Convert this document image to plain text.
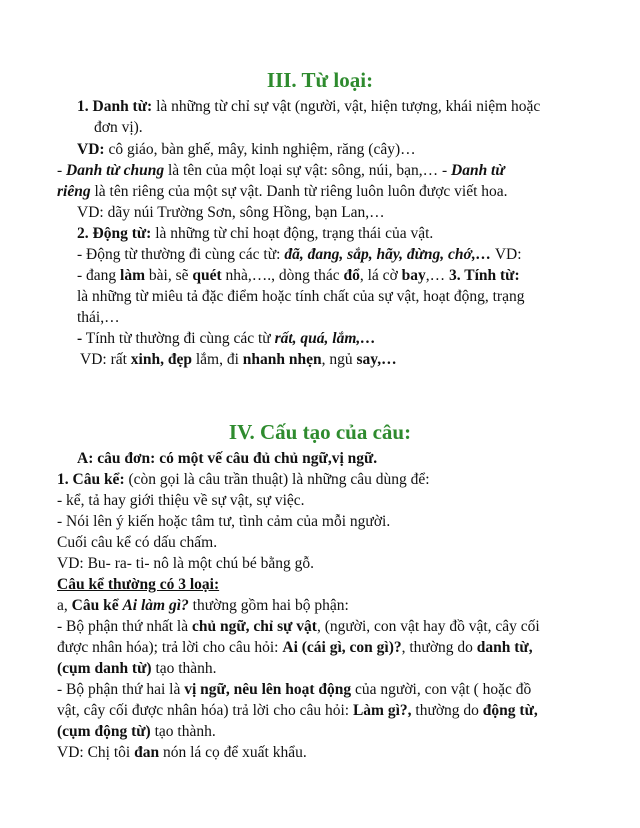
III. Từ loại:
1. Danh từ: là những từ chỉ sự vật (người, vật, hiện tượng, khái niệm hoặc
đơn vị).
VD: cô giáo, bàn ghế, mây, kinh nghiệm, răng (cây)…
- Danh từ chung là tên của một loại sự vật: sông, núi, bạn,… - Danh từ
riêng là tên riêng của một sự vật. Danh từ riêng luôn luôn được viết hoa.
VD: dãy núi Trường Sơn, sông Hồng, bạn Lan,…
2. Động từ: là những từ chỉ hoạt động, trạng thái của vật.
- Động từ thường đi cùng các từ: đã, đang, sắp, hãy, đừng, chớ,… VD:
- đang làm bài, sẽ quét nhà,…., dòng thác đổ, lá cờ bay,… 3. Tính từ:
là những từ miêu tả đặc điểm hoặc tính chất của sự vật, hoạt động, trạng
thái,…
- Tính từ thường đi cùng các từ rất, quá, lắm,…
VD: rất xinh, đẹp lắm, đi nhanh nhẹn, ngủ say,…
IV. Cấu tạo của câu:
A: câu đơn: có một vế câu đủ chủ ngữ,vị ngữ.
1. Câu kể: (còn gọi là câu trần thuật) là những câu dùng để:
- kể, tả hay giới thiệu về sự vật, sự việc.
- Nói lên ý kiến hoặc tâm tư, tình cảm của mỗi người.
Cuối câu kể có dấu chấm.
VD: Bu- ra- ti- nô là một chú bé bằng gỗ.
Câu kể thường có 3 loại:
a, Câu kể Ai làm gì? thường gồm hai bộ phận:
- Bộ phận thứ nhất là chủ ngữ, chỉ sự vật, (người, con vật hay đồ vật, cây cối
được nhân hóa); trả lời cho câu hỏi: Ai (cái gì, con gì)?, thường do danh từ,
(cụm danh từ) tạo thành.
- Bộ phận thứ hai là vị ngữ, nêu lên hoạt động của người, con vật ( hoặc đồ
vật, cây cối được nhân hóa) trả lời cho câu hỏi: Làm gì?, thường do động từ,
(cụm động từ) tạo thành.
VD: Chị tôi đan nón lá cọ để xuất khẩu.
